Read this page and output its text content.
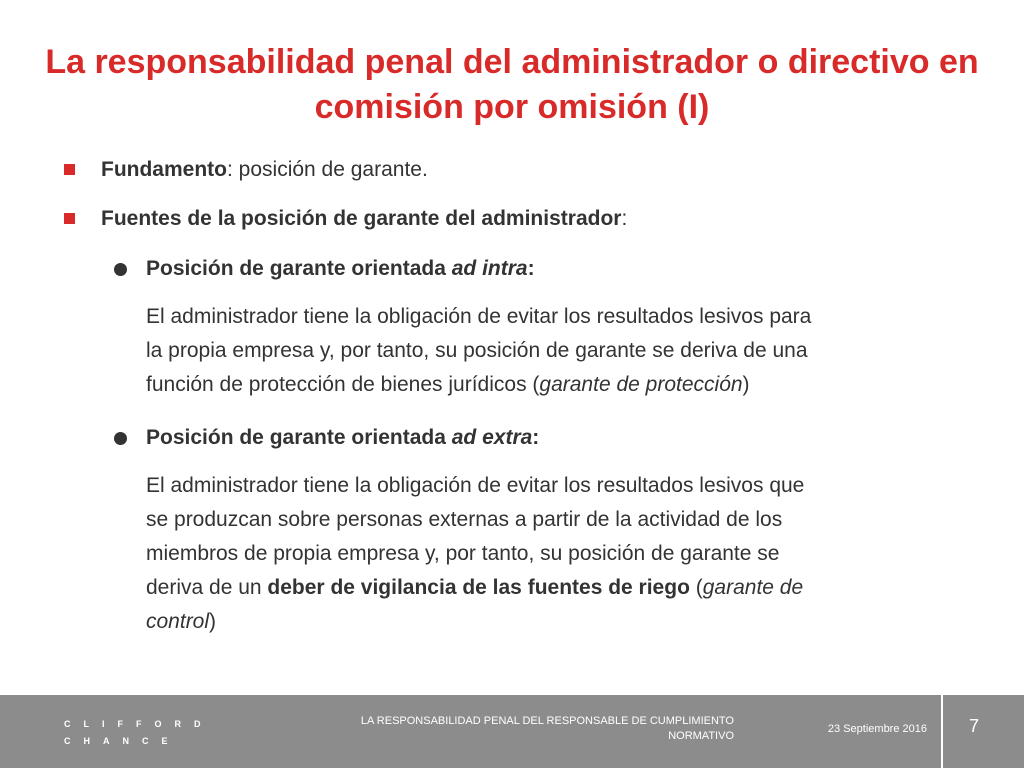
La responsabilidad penal del administrador o directivo en comisión por omisión (I)
Fundamento: posición de garante.
Fuentes de la posición de garante del administrador:
Posición de garante orientada ad intra:
El administrador tiene la obligación de evitar los resultados lesivos para
la propia empresa y, por tanto, su posición de garante se deriva de una
función de protección de bienes jurídicos (garante de protección)
Posición de garante orientada ad extra:
El administrador tiene la obligación de evitar los resultados lesivos que
se produzcan sobre personas externas a partir de la actividad de los
miembros de propia empresa y, por tanto, su posición de garante se
deriva de un deber de vigilancia de las fuentes de riego (garante de
control)
CLIFFORD
CHANCE
LA RESPONSABILIDAD PENAL DEL RESPONSABLE DE CUMPLIMIENTO
NORMATIVO
23 Septiembre 2016	7
